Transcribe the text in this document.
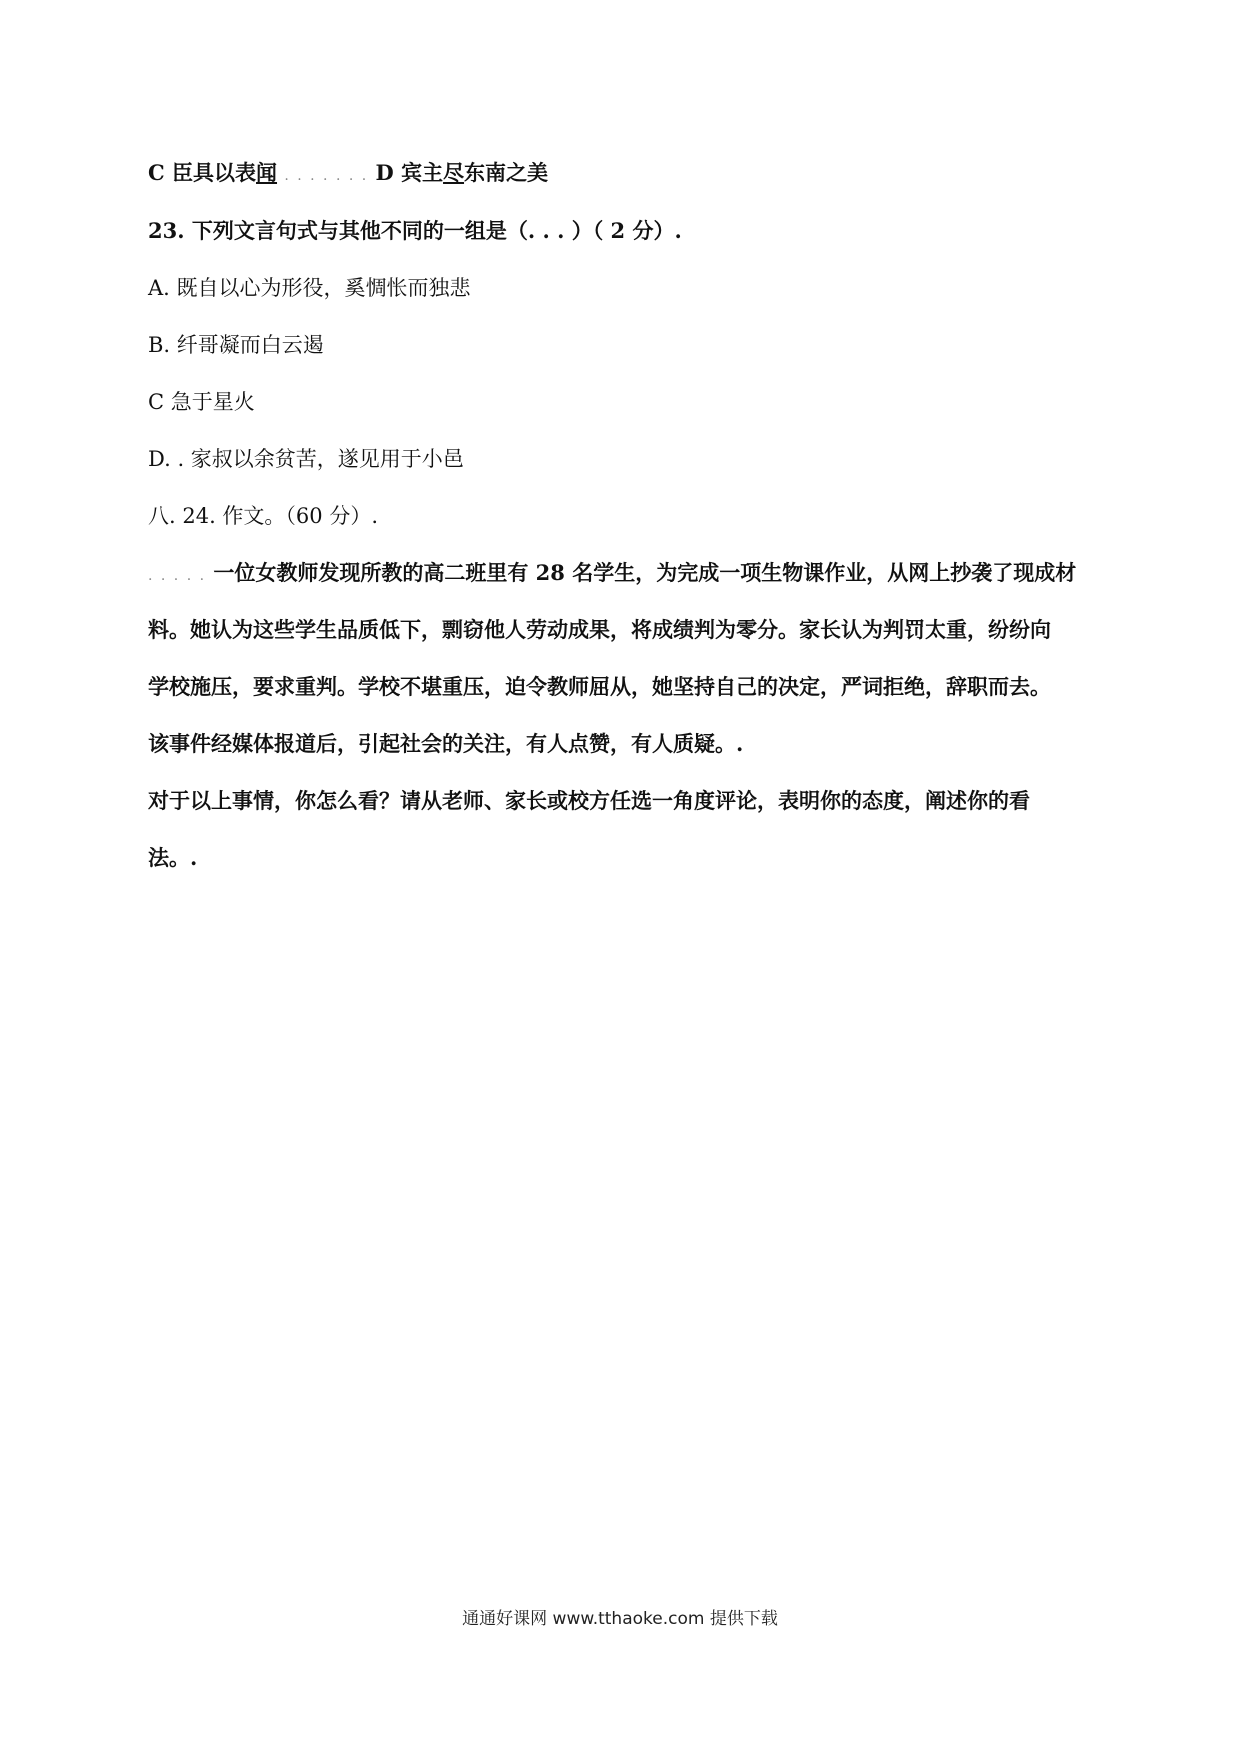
C 臣具以表闻 . . . . . . . D 宾主尽东南之美
23. 下列文言句式与其他不同的一组是（. . . ）（ 2 分）.
A. 既自以心为形役，奚惆怅而独悲
B. 纤哥凝而白云遏
C 急于星火
D. . 家叔以余贫苦，遂见用于小邑
八. 24. 作文。（60 分）.
. . . . . 一位女教师发现所教的高二班里有 28 名学生，为完成一项生物课作业，从网上抄袭了现成材
料。她认为这些学生品质低下，剽窃他人劳动成果，将成绩判为零分。家长认为判罚太重，纷纷向
学校施压，要求重判。学校不堪重压，迫令教师屈从，她坚持自己的决定，严词拒绝，辞职而去。
该事件经媒体报道后，引起社会的关注，有人点赞，有人质疑。.
对于以上事情，你怎么看？请从老师、家长或校方任选一角度评论，表明你的态度，阐述你的看
法。.
通通好课网 www.tthaoke.com 提供下载
